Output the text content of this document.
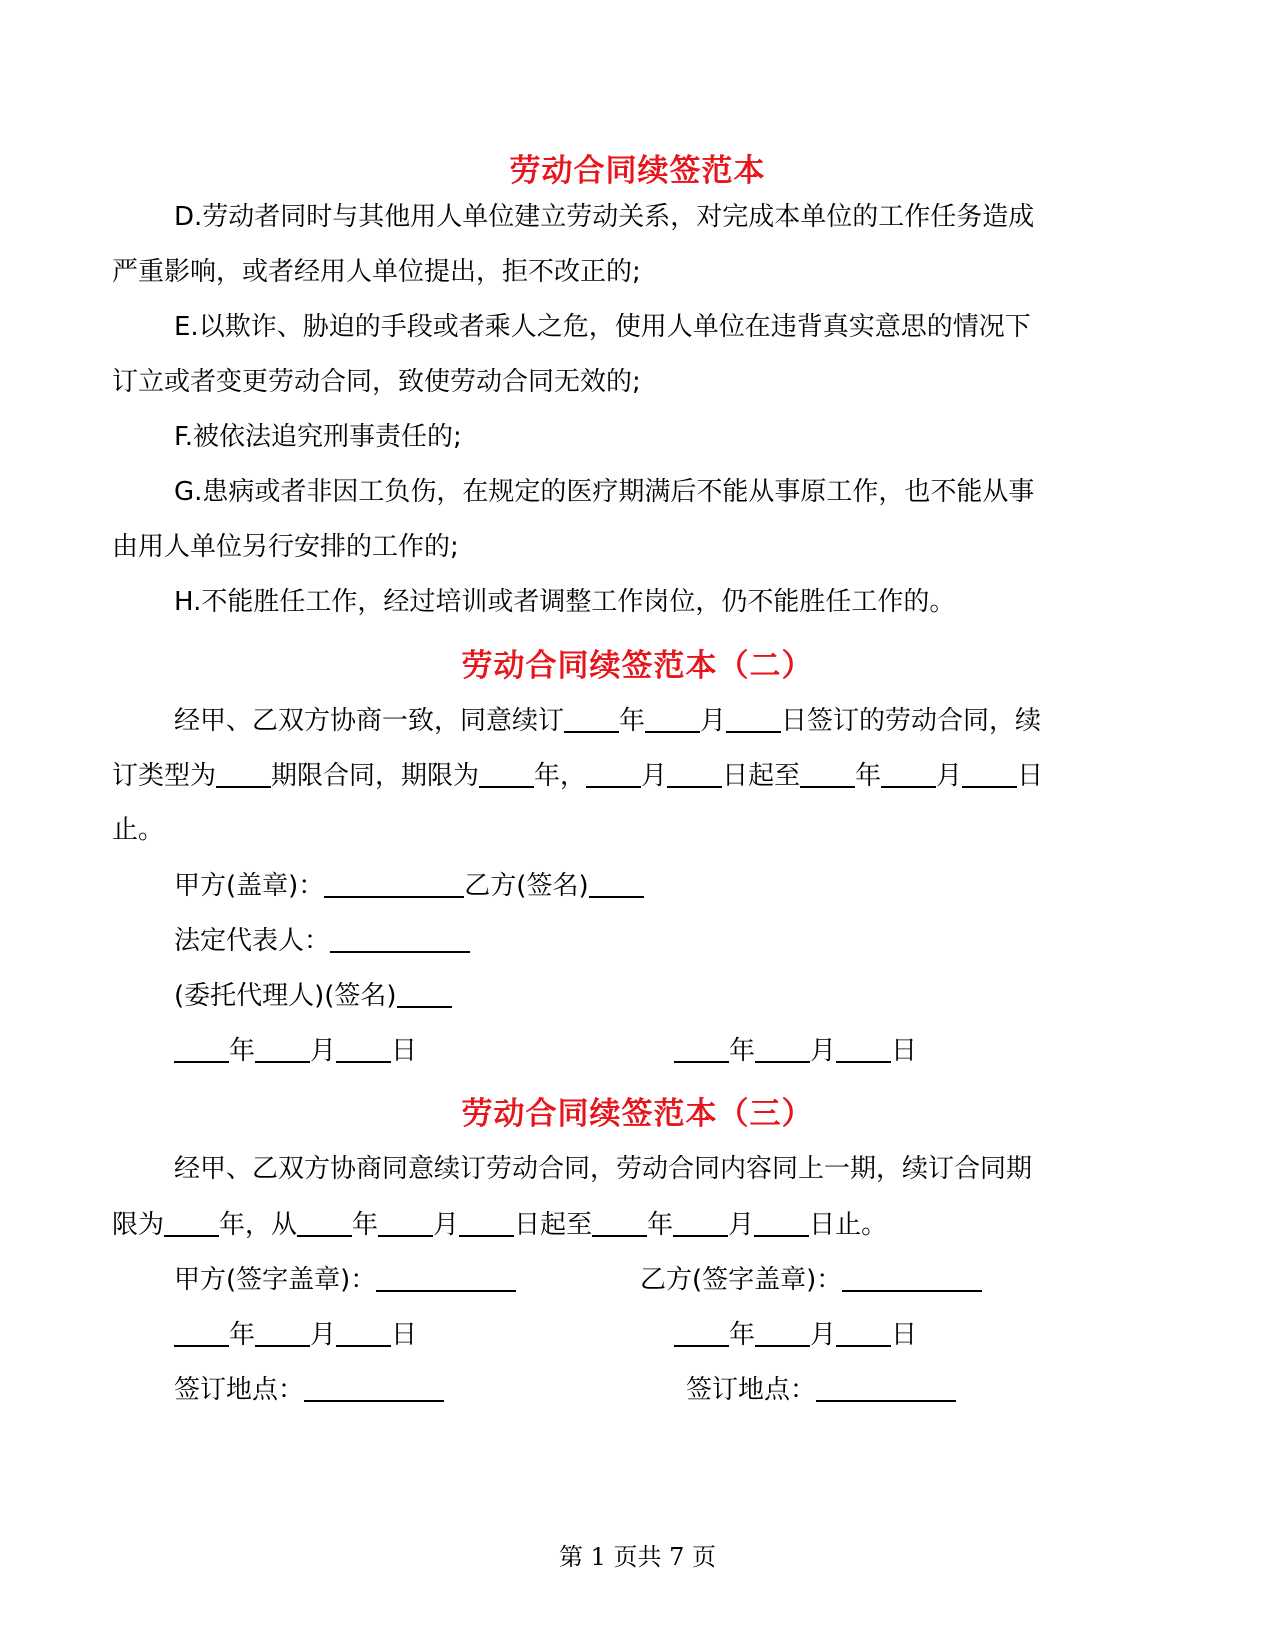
劳动合同续签范本
D.劳动者同时与其他用人单位建立劳动关系，对完成本单位的工作任务造成
严重影响，或者经用人单位提出，拒不改正的;
E.以欺诈、胁迫的手段或者乘人之危，使用人单位在违背真实意思的情况下
订立或者变更劳动合同，致使劳动合同无效的;
F.被依法追究刑事责任的;
G.患病或者非因工负伤，在规定的医疗期满后不能从事原工作，也不能从事
由用人单位另行安排的工作的;
H.不能胜任工作，经过培训或者调整工作岗位，仍不能胜任工作的。
劳动合同续签范本（二）
经甲、乙双方协商一致，同意续订 年 月 日签订的劳动合同，续
订类型为 期限合同，期限为 年， 月 日起至 年 月 日
止。
甲方(盖章)：	乙方(签名)
法定代表人：
(委托代理人)(签名)
年 月 日	年 月 日
劳动合同续签范本（三）
经甲、乙双方协商同意续订劳动合同，劳动合同内容同上一期，续订合同期
限为 年，从 年 月 日起至 年 月 日止。
甲方(签字盖章)：	乙方(签字盖章)：
年 月 日	年 月 日
签订地点：	签订地点：
第 1 页共 7 页
